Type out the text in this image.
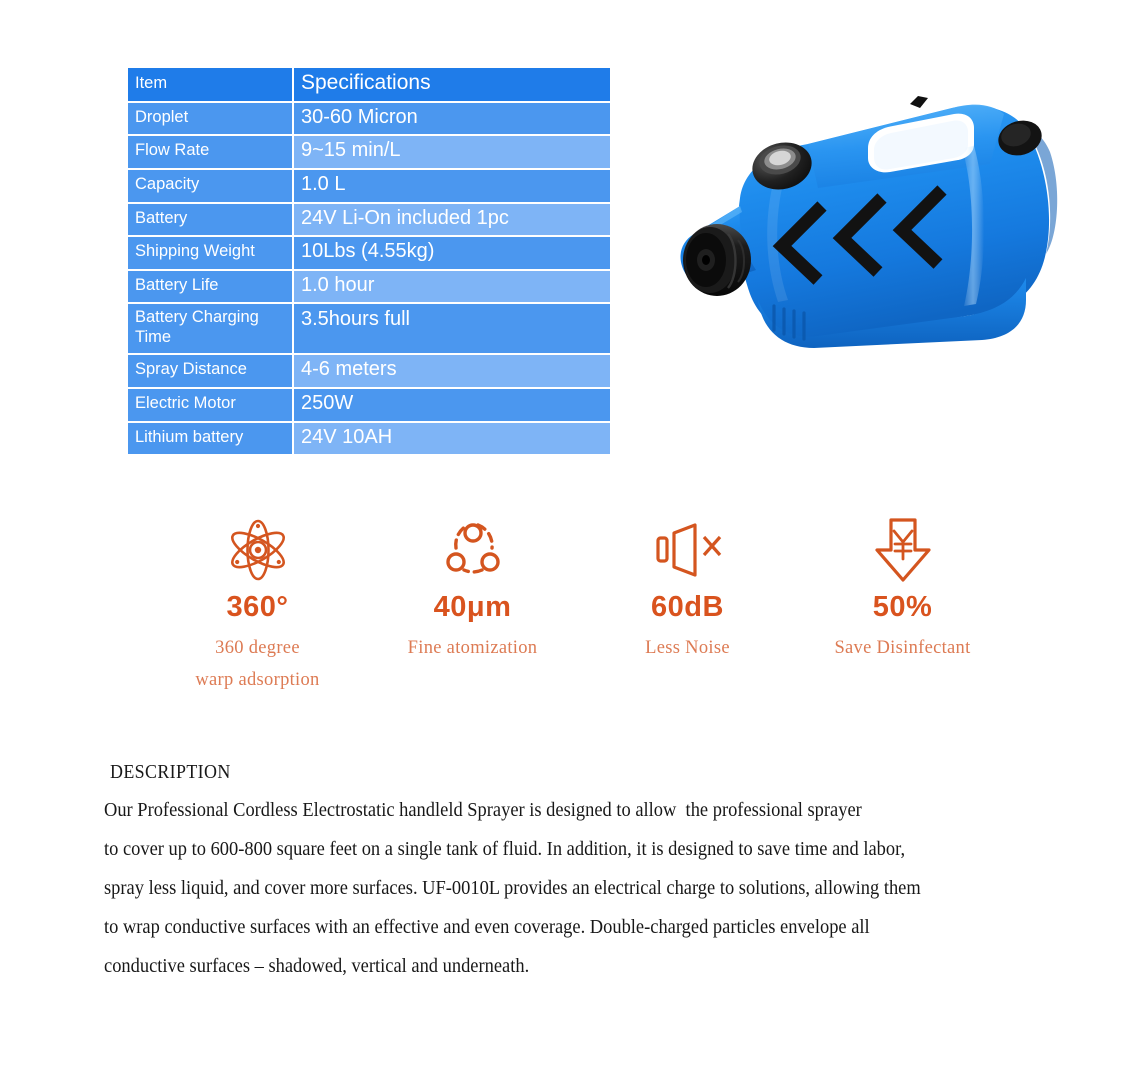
Item	Specifications
Droplet	30-60 Micron
Flow Rate	9~15 min/L
Capacity	1.0 L
Battery	24V Li-On included 1pc
Shipping Weight	10Lbs (4.55kg)
Battery Life	1.0 hour
Battery Charging Time	3.5hours full
Spray Distance	4-6 meters
Electric Motor	250W
Lithium battery	24V 10AH
360°
360 degree
warp adsorption
40μm
Fine atomization
60dB
Less Noise
50%
Save Disinfectant
DESCRIPTION
Our Professional Cordless Electrostatic handleld Sprayer is designed to allow  the professional sprayer
to cover up to 600-800 square feet on a single tank of fluid. In addition, it is designed to save time and labor,
spray less liquid, and cover more surfaces. UF-0010L provides an electrical charge to solutions, allowing them
to wrap conductive surfaces with an effective and even coverage. Double-charged particles envelope all
conductive surfaces – shadowed, vertical and underneath.
